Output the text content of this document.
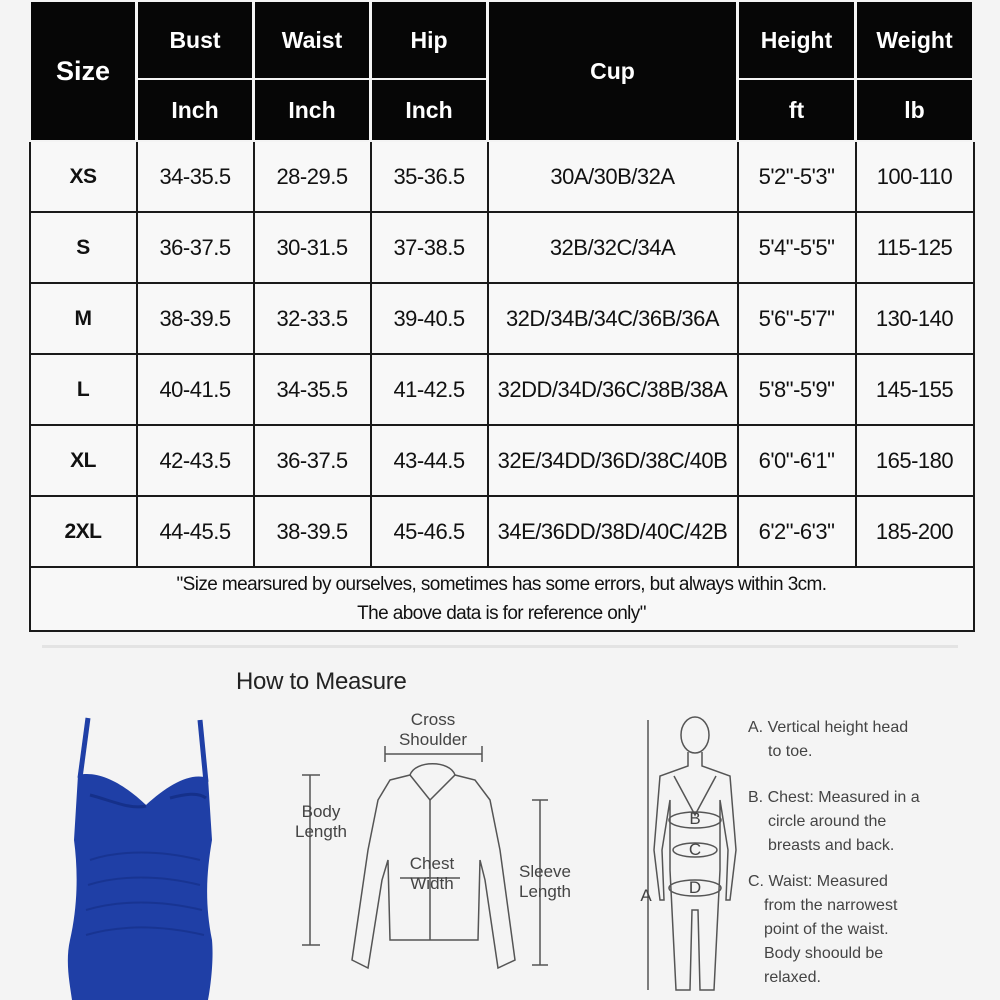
Size	Bust	Waist	Hip	Cup	Height	Weight
	Inch	Inch	Inch		ft	lb
XS	34-35.5	28-29.5	35-36.5	30A/30B/32A	5'2"-5'3"	100-110
S	36-37.5	30-31.5	37-38.5	32B/32C/34A	5'4"-5'5"	115-125
M	38-39.5	32-33.5	39-40.5	32D/34B/34C/36B/36A	5'6"-5'7"	130-140
L	40-41.5	34-35.5	41-42.5	32DD/34D/36C/38B/38A	5'8"-5'9"	145-155
XL	42-43.5	36-37.5	43-44.5	32E/34DD/36D/38C/40B	6'0"-6'1"	165-180
2XL	44-45.5	38-39.5	45-46.5	34E/36DD/38D/40C/42B	6'2"-6'3"	185-200
"Size mearsured by ourselves, sometimes has some errors, but always within 3cm.
The above data is for reference only"						
How to Measure
Cross
Shoulder
Body
Length
Chest
Width
Sleeve
Length	A
B
C
D
A. Vertical height head
to toe.
B. Chest: Measured in a
circle around the
breasts and back.
C. Waist: Measured
from the narrowest
point of the waist.
Body shoould be
relaxed.
